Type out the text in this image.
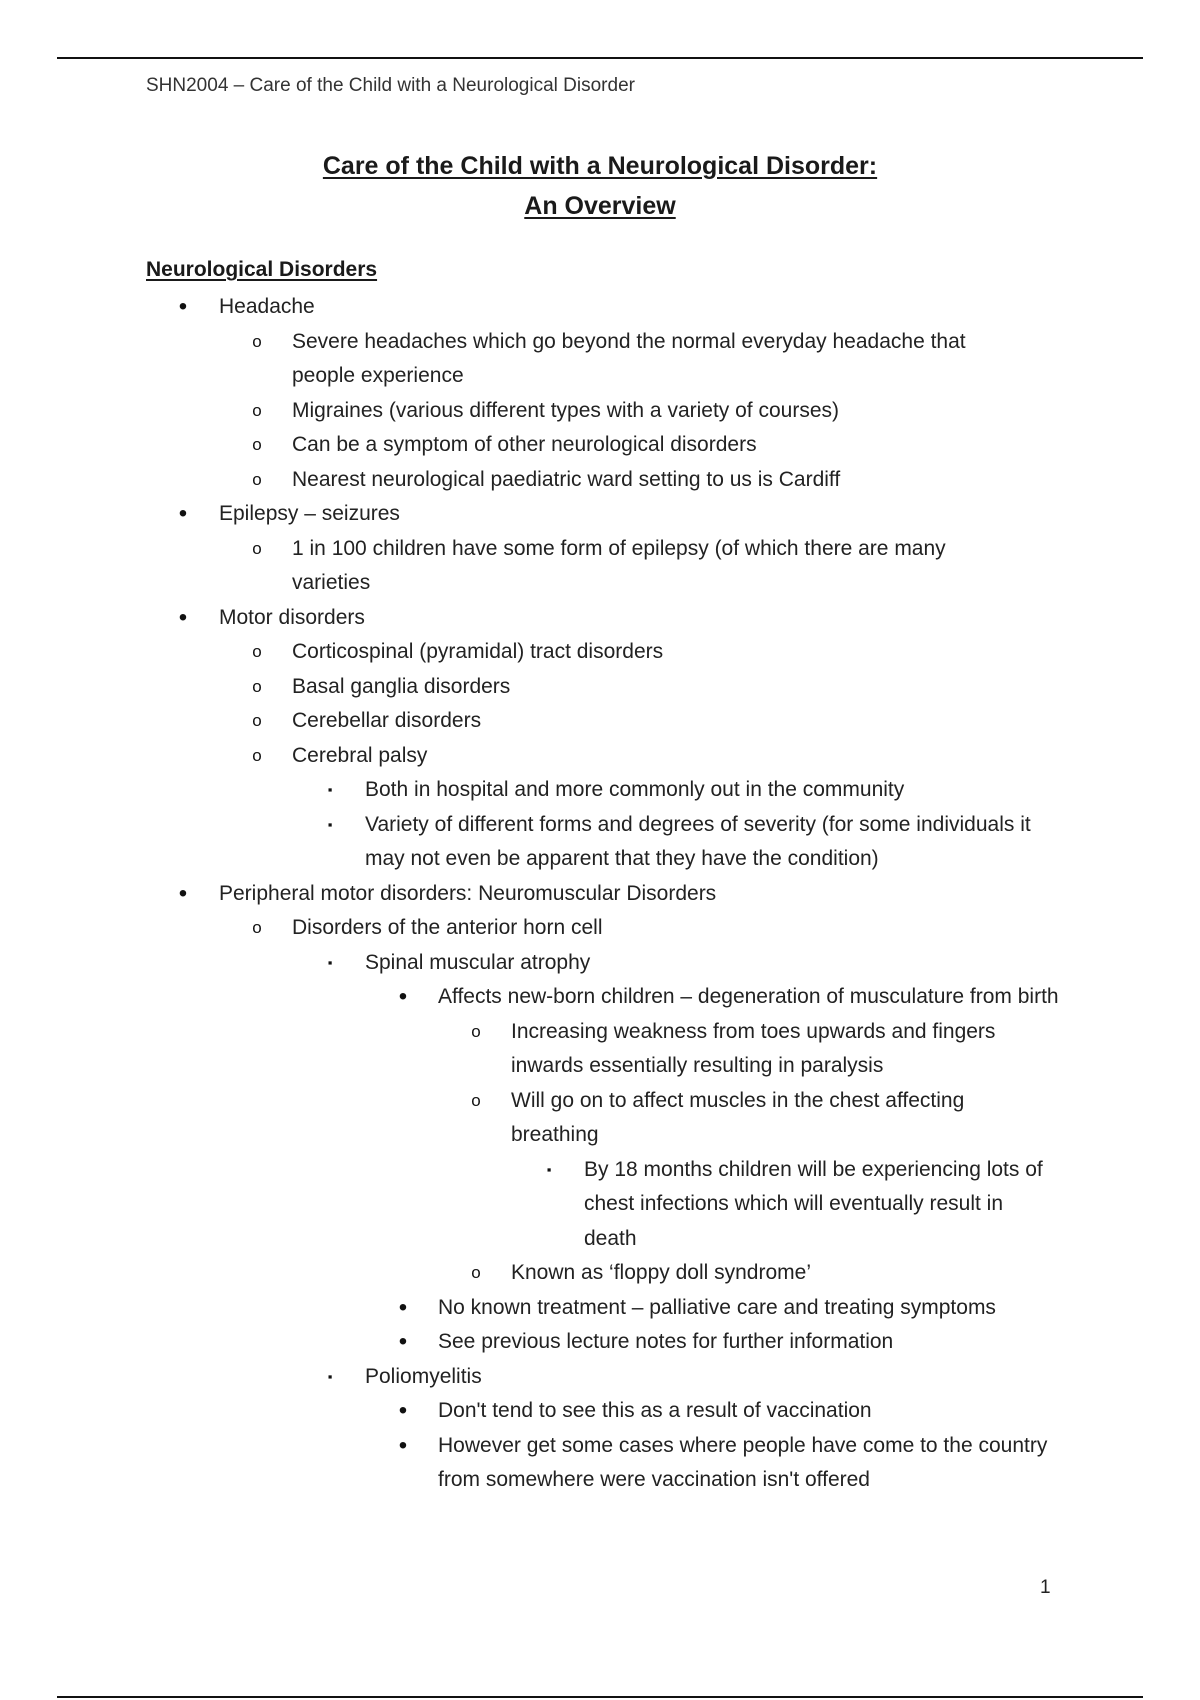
SHN2004 – Care of the Child with a Neurological Disorder
Care of the Child with a Neurological Disorder:
An Overview
Neurological Disorders
•	Headache
o Severe headaches which go beyond the normal everyday headache that people experience
o Migraines (various different types with a variety of courses)
o Can be a symptom of other neurological disorders
o Nearest neurological paediatric ward setting to us is Cardiff
•	Epilepsy – seizures
o 1 in 100 children have some form of epilepsy (of which there are many varieties
•	Motor disorders
o Corticospinal (pyramidal) tract disorders
o Basal ganglia disorders
o Cerebellar disorders
o Cerebral palsy
▪	Both in hospital and more commonly out in the community
▪	Variety of different forms and degrees of severity (for some individuals it may not even be apparent that they have the condition)
•	Peripheral motor disorders: Neuromuscular Disorders
o Disorders of the anterior horn cell
▪	Spinal muscular atrophy
•	Affects new-born children – degeneration of musculature from birth
o Increasing weakness from toes upwards and fingers inwards essentially resulting in paralysis
o Will go on to affect muscles in the chest affecting breathing
▪	By 18 months children will be experiencing lots of chest infections which will eventually result in death
o Known as ‘floppy doll syndrome’
•	No known treatment – palliative care and treating symptoms
•	See previous lecture notes for further information
▪	Poliomyelitis
•	Don't tend to see this as a result of vaccination
•	However get some cases where people have come to the country from somewhere were vaccination isn't offered
1
